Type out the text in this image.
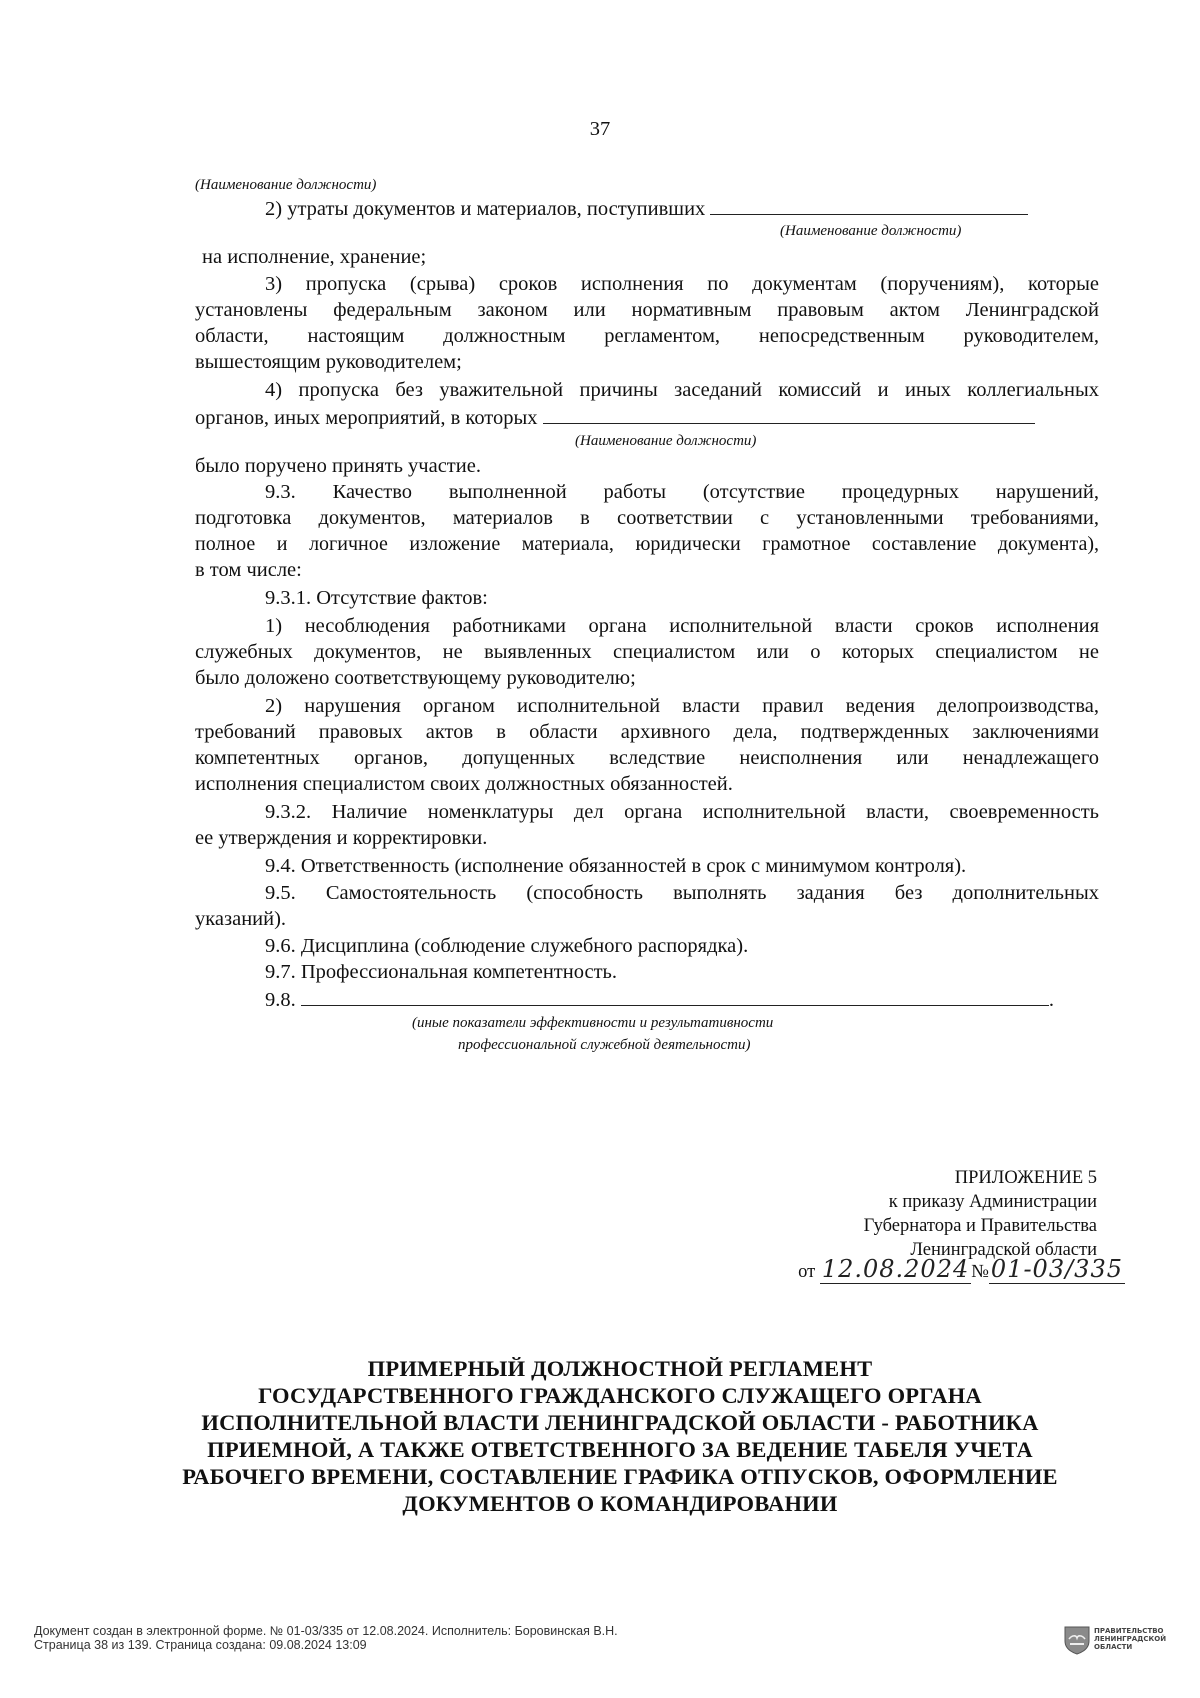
37
(Наименование должности)
2) утраты документов и материалов, поступивших
(Наименование должности)
на исполнение, хранение;
3) пропуска (срыва) сроков исполнения по документам (поручениям), которые
установлены федеральным законом или нормативным правовым актом Ленинградской
области, настоящим должностным регламентом, непосредственным руководителем,
вышестоящим руководителем;
4) пропуска без уважительной причины заседаний комиссий и иных коллегиальных
органов, иных мероприятий, в которых
(Наименование должности)
было поручено принять участие.
9.3. Качество выполненной работы (отсутствие процедурных нарушений,
подготовка документов, материалов в соответствии с установленными требованиями,
полное и логичное изложение материала, юридически грамотное составление документа),
в том числе:
9.3.1. Отсутствие фактов:
1) несоблюдения работниками органа исполнительной власти сроков исполнения
служебных документов, не выявленных специалистом или о которых специалистом не
было доложено соответствующему руководителю;
2) нарушения органом исполнительной власти правил ведения делопроизводства,
требований правовых актов в области архивного дела, подтвержденных заключениями
компетентных органов, допущенных вследствие неисполнения или ненадлежащего
исполнения специалистом своих должностных обязанностей.
9.3.2. Наличие номенклатуры дел органа исполнительной власти, своевременность
ее утверждения и корректировки.
9.4. Ответственность (исполнение обязанностей в срок с минимумом контроля).
9.5. Самостоятельность (способность выполнять задания без дополнительных
указаний).
9.6. Дисциплина (соблюдение служебного распорядка).
9.7. Профессиональная компетентность.
9.8.	.
(иные показатели эффективности и результативности
профессиональной служебной деятельности)
ПРИЛОЖЕНИЕ 5
к приказу Администрации
Губернатора и Правительства
Ленинградской области
от 12.08.2024 №01-03/335
ПРИМЕРНЫЙ ДОЛЖНОСТНОЙ РЕГЛАМЕНТ
ГОСУДАРСТВЕННОГО ГРАЖДАНСКОГО СЛУЖАЩЕГО ОРГАНА
ИСПОЛНИТЕЛЬНОЙ ВЛАСТИ ЛЕНИНГРАДСКОЙ ОБЛАСТИ - РАБОТНИКА
ПРИЕМНОЙ, А ТАКЖЕ ОТВЕТСТВЕННОГО ЗА ВЕДЕНИЕ ТАБЕЛЯ УЧЕТА
РАБОЧЕГО ВРЕМЕНИ, СОСТАВЛЕНИЕ ГРАФИКА ОТПУСКОВ, ОФОРМЛЕНИЕ
ДОКУМЕНТОВ О КОМАНДИРОВАНИИ
Документ создан в электронной форме. № 01-03/335 от 12.08.2024. Исполнитель: Боровинская В.Н.
Страница 38 из 139. Страница создана: 09.08.2024 13:09
ПРАВИТЕЛЬСТВО
ЛЕНИНГРАДСКОЙ
ОБЛАСТИ
